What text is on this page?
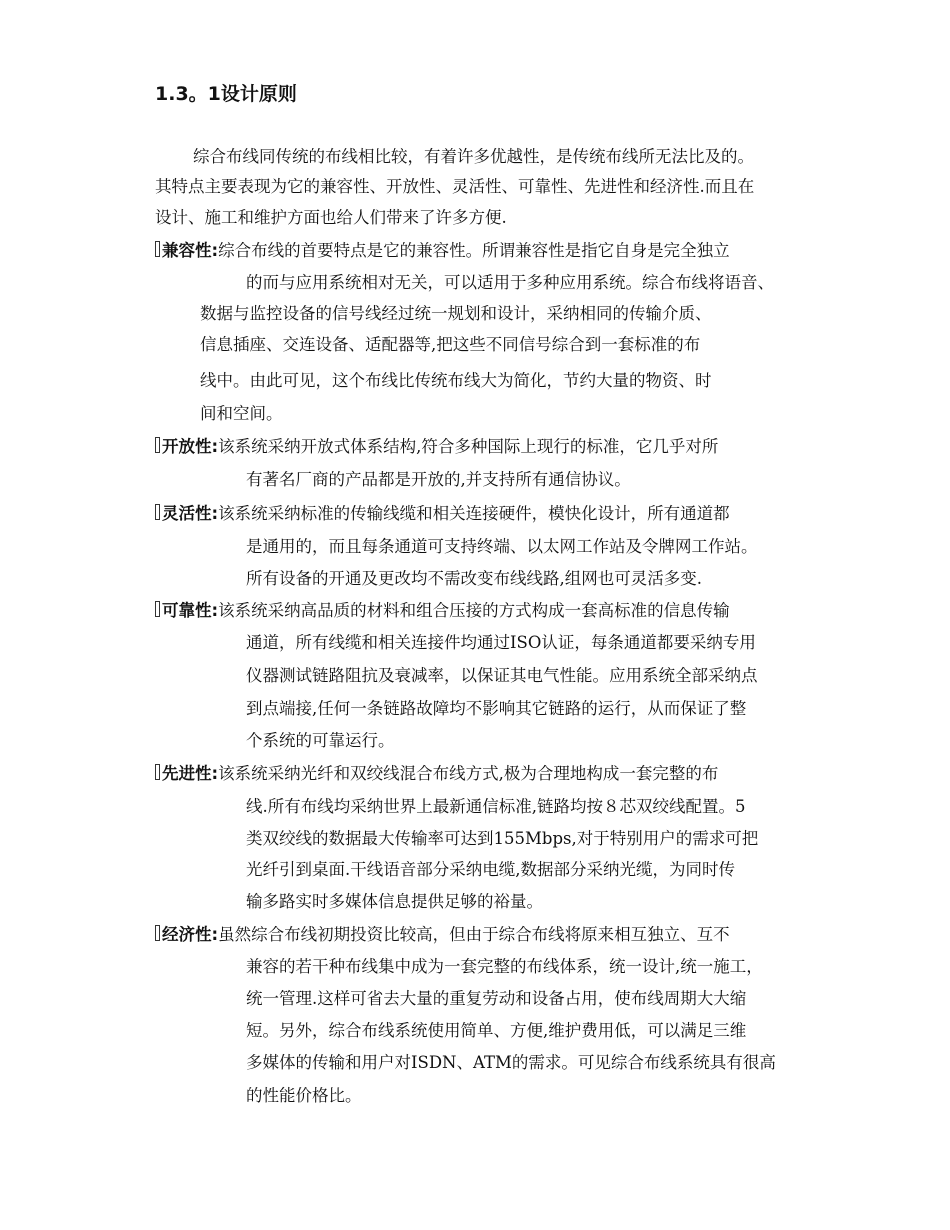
1.3。1设计原则
综合布线同传统的布线相比较，有着许多优越性，是传统布线所无法比及的。
其特点主要表现为它的兼容性、开放性、灵活性、可靠性、先进性和经济性.而且在
设计、施工和维护方面也给人们带来了许多方便.
兼容性:综合布线的首要特点是它的兼容性。所谓兼容性是指它自身是完全独立
的而与应用系统相对无关，可以适用于多种应用系统。综合布线将语音、
数据与监控设备的信号线经过统一规划和设计，采纳相同的传输介质、
信息插座、交连设备、适配器等,把这些不同信号综合到一套标准的布
线中。由此可见，这个布线比传统布线大为简化，节约大量的物资、时
间和空间。
开放性:该系统采纳开放式体系结构,符合多种国际上现行的标准，它几乎对所
有著名厂商的产品都是开放的,并支持所有通信协议。
灵活性:该系统采纳标准的传输线缆和相关连接硬件，模快化设计，所有通道都
是通用的，而且每条通道可支持终端、以太网工作站及令牌网工作站。
所有设备的开通及更改均不需改变布线线路,组网也可灵活多变.
可靠性:该系统采纳高品质的材料和组合压接的方式构成一套高标准的信息传输
通道，所有线缆和相关连接件均通过ISO认证，每条通道都要采纳专用
仪器测试链路阻抗及衰减率，以保证其电气性能。应用系统全部采纳点
到点端接,任何一条链路故障均不影响其它链路的运行，从而保证了整
个系统的可靠运行。
先进性:该系统采纳光纤和双绞线混合布线方式,极为合理地构成一套完整的布
线.所有布线均采纳世界上最新通信标准,链路均按８芯双绞线配置。5
类双绞线的数据最大传输率可达到155Mbps,对于特别用户的需求可把
光纤引到桌面.干线语音部分采纳电缆,数据部分采纳光缆，为同时传
输多路实时多媒体信息提供足够的裕量。
经济性:虽然综合布线初期投资比较高，但由于综合布线将原来相互独立、互不
兼容的若干种布线集中成为一套完整的布线体系，统一设计,统一施工，
统一管理.这样可省去大量的重复劳动和设备占用，使布线周期大大缩
短。另外，综合布线系统使用简单、方便,维护费用低，可以满足三维
多媒体的传输和用户对ISDN、ATM的需求。可见综合布线系统具有很高
的性能价格比。
